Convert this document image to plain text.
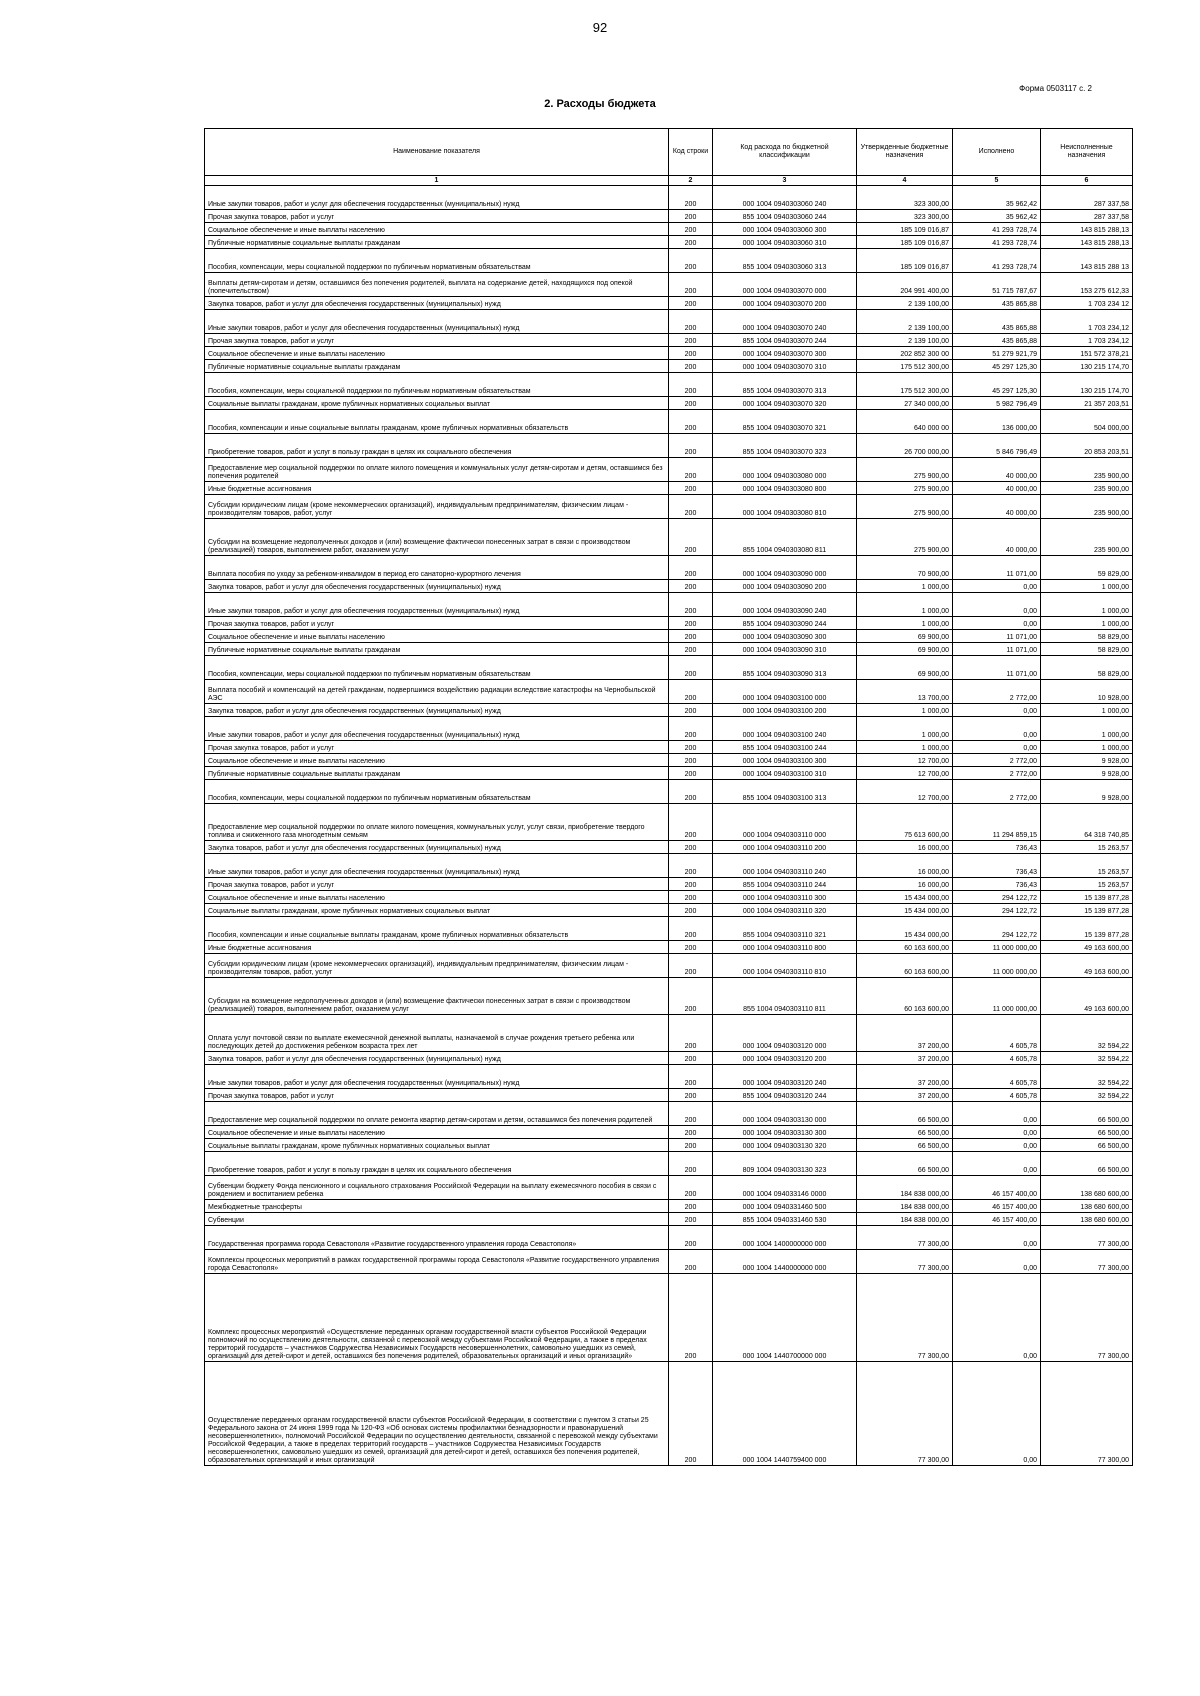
92
Форма 0503117 с. 2
2. Расходы бюджета
Наименование показателя	Код строки	Код расхода по бюджетной классификации	Утвержденные бюджетные назначения	Исполнено	Неисполненные назначения
1	2	3	4	5	6
Иные закупки товаров, работ и услуг для обеспечения государственных (муниципальных) нужд	200	000 1004 0940303060 240	323 300,00	35 962,42	287 337,58
Прочая закупка товаров, работ и услуг	200	855 1004 0940303060 244	323 300,00	35 962,42	287 337,58
Социальное обеспечение и иные выплаты населению	200	000 1004 0940303060 300	185 109 016,87	41 293 728,74	143 815 288,13
Публичные нормативные социальные выплаты гражданам	200	000 1004 0940303060 310	185 109 016,87	41 293 728,74	143 815 288,13
Пособия, компенсации, меры социальной поддержки по публичным нормативным обязательствам	200	855 1004 0940303060 313	185 109 016,87	41 293 728,74	143 815 288 13
Выплаты детям-сиротам и детям, оставшимся без попечения родителей, выплата на содержание детей, находящихся под опекой (попечительством)	200	000 1004 0940303070 000	204 991 400,00	51 715 787,67	153 275 612,33
Закупка товаров, работ и услуг для обеспечения государственных (муниципальных) нужд	200	000 1004 0940303070 200	2 139 100,00	435 865,88	1 703 234 12
Иные закупки товаров, работ и услуг для обеспечения государственных (муниципальных) нужд	200	000 1004 0940303070 240	2 139 100,00	435 865,88	1 703 234,12
Прочая закупка товаров, работ и услуг	200	855 1004 0940303070 244	2 139 100,00	435 865,88	1 703 234,12
Социальное обеспечение и иные выплаты населению	200	000 1004 0940303070 300	202 852 300 00	51 279 921,79	151 572 378,21
Публичные нормативные социальные выплаты гражданам	200	000 1004 0940303070 310	175 512 300,00	45 297 125,30	130 215 174,70
Пособия, компенсации, меры социальной поддержки по публичным нормативным обязательствам	200	855 1004 0940303070 313	175 512 300,00	45 297 125,30	130 215 174,70
Социальные выплаты гражданам, кроме публичных нормативных социальных выплат	200	000 1004 0940303070 320	27 340 000,00	5 982 796,49	21 357 203,51
Пособия, компенсации и иные социальные выплаты гражданам, кроме публичных нормативных обязательств	200	855 1004 0940303070 321	640 000 00	136 000,00	504 000,00
Приобретение товаров, работ и услуг в пользу граждан в целях их социального обеспечения	200	855 1004 0940303070 323	26 700 000,00	5 846 796,49	20 853 203,51
Предоставление мер социальной поддержки по оплате жилого помещения и коммунальных услуг детям-сиротам и детям, оставшимся без попечения родителей	200	000 1004 0940303080 000	275 900,00	40 000,00	235 900,00
Иные бюджетные ассигнования	200	000 1004 0940303080 800	275 900,00	40 000,00	235 900,00
Субсидии юридическим лицам (кроме некоммерческих организаций), индивидуальным предпринимателям, физическим лицам - производителям товаров, работ, услуг	200	000 1004 0940303080 810	275 900,00	40 000,00	235 900,00
Субсидии на возмещение недополученных доходов и (или) возмещение фактически понесенных затрат в связи с производством (реализацией) товаров, выполнением работ, оказанием услуг	200	855 1004 0940303080 811	275 900,00	40 000,00	235 900,00
Выплата пособия по уходу за ребенком-инвалидом в период его санаторно-курортного лечения	200	000 1004 0940303090 000	70 900,00	11 071,00	59 829,00
Закупка товаров, работ и услуг для обеспечения государственных (муниципальных) нужд	200	000 1004 0940303090 200	1 000,00	0,00	1 000,00
Иные закупки товаров, работ и услуг для обеспечения государственных (муниципальных) нужд	200	000 1004 0940303090 240	1 000,00	0,00	1 000,00
Прочая закупка товаров, работ и услуг	200	855 1004 0940303090 244	1 000,00	0,00	1 000,00
Социальное обеспечение и иные выплаты населению	200	000 1004 0940303090 300	69 900,00	11 071,00	58 829,00
Публичные нормативные социальные выплаты гражданам	200	000 1004 0940303090 310	69 900,00	11 071,00	58 829,00
Пособия, компенсации, меры социальной поддержки по публичным нормативным обязательствам	200	855 1004 0940303090 313	69 900,00	11 071,00	58 829,00
Выплата пособий и компенсаций на детей гражданам, подвергшимся воздействию радиации вследствие катастрофы на Чернобыльской АЭС	200	000 1004 0940303100 000	13 700,00	2 772,00	10 928,00
Закупка товаров, работ и услуг для обеспечения государственных (муниципальных) нужд	200	000 1004 0940303100 200	1 000,00	0,00	1 000,00
Иные закупки товаров, работ и услуг для обеспечения государственных (муниципальных) нужд	200	000 1004 0940303100 240	1 000,00	0,00	1 000,00
Прочая закупка товаров, работ и услуг	200	855 1004 0940303100 244	1 000,00	0,00	1 000,00
Социальное обеспечение и иные выплаты населению	200	000 1004 0940303100 300	12 700,00	2 772,00	9 928,00
Публичные нормативные социальные выплаты гражданам	200	000 1004 0940303100 310	12 700,00	2 772,00	9 928,00
Пособия, компенсации, меры социальной поддержки по публичным нормативным обязательствам	200	855 1004 0940303100 313	12 700,00	2 772,00	9 928,00
Предоставление мер социальной поддержки по оплате жилого помещения, коммунальных услуг, услуг связи, приобретение твердого топлива и сжиженного газа многодетным семьям	200	000 1004 0940303110 000	75 613 600,00	11 294 859,15	64 318 740,85
Закупка товаров, работ и услуг для обеспечения государственных (муниципальных) нужд	200	000 1004 0940303110 200	16 000,00	736,43	15 263,57
Иные закупки товаров, работ и услуг для обеспечения государственных (муниципальных) нужд	200	000 1004 0940303110 240	16 000,00	736,43	15 263,57
Прочая закупка товаров, работ и услуг	200	855 1004 0940303110 244	16 000,00	736,43	15 263,57
Социальное обеспечение и иные выплаты населению	200	000 1004 0940303110 300	15 434 000,00	294 122,72	15 139 877,28
Социальные выплаты гражданам, кроме публичных нормативных социальных выплат	200	000 1004 0940303110 320	15 434 000,00	294 122,72	15 139 877,28
Пособия, компенсации и иные социальные выплаты гражданам, кроме публичных нормативных обязательств	200	855 1004 0940303110 321	15 434 000,00	294 122,72	15 139 877,28
Иные бюджетные ассигнования	200	000 1004 0940303110 800	60 163 600,00	11 000 000,00	49 163 600,00
Субсидии юридическим лицам (кроме некоммерческих организаций), индивидуальным предпринимателям, физическим лицам - производителям товаров, работ, услуг	200	000 1004 0940303110 810	60 163 600,00	11 000 000,00	49 163 600,00
Субсидии на возмещение недополученных доходов и (или) возмещение фактически понесенных затрат в связи с производством (реализацией) товаров, выполнением работ, оказанием услуг	200	855 1004 0940303110 811	60 163 600,00	11 000 000,00	49 163 600,00
Оплата услуг почтовой связи по выплате ежемесячной денежной выплаты, назначаемой в случае рождения третьего ребенка или последующих детей до достижения ребенком возраста трех лет	200	000 1004 0940303120 000	37 200,00	4 605,78	32 594,22
Закупка товаров, работ и услуг для обеспечения государственных (муниципальных) нужд	200	000 1004 0940303120 200	37 200,00	4 605,78	32 594,22
Иные закупки товаров, работ и услуг для обеспечения государственных (муниципальных) нужд	200	000 1004 0940303120 240	37 200,00	4 605,78	32 594,22
Прочая закупка товаров, работ и услуг	200	855 1004 0940303120 244	37 200,00	4 605,78	32 594,22
Предоставление мер социальной поддержки по оплате ремонта квартир детям-сиротам и детям, оставшимся без попечения родителей	200	000 1004 0940303130 000	66 500,00	0,00	66 500,00
Социальное обеспечение и иные выплаты населению	200	000 1004 0940303130 300	66 500,00	0,00	66 500,00
Социальные выплаты гражданам, кроме публичных нормативных социальных выплат	200	000 1004 0940303130 320	66 500,00	0,00	66 500,00
Приобретение товаров, работ и услуг в пользу граждан в целях их социального обеспечения	200	809 1004 0940303130 323	66 500,00	0,00	66 500,00
Субвенции бюджету Фонда пенсионного и социального страхования Российской Федерации на выплату ежемесячного пособия в связи с рождением и воспитанием ребенка	200	000 1004 094033146 0000	184 838 000,00	46 157 400,00	138 680 600,00
Межбюджетные трансферты	200	000 1004 0940331460 500	184 838 000,00	46 157 400,00	138 680 600,00
Субвенции	200	855 1004 0940331460 530	184 838 000,00	46 157 400,00	138 680 600,00
Государственная программа города Севастополя «Развитие государственного управления города Севастополя»	200	000 1004 1400000000 000	77 300,00	0,00	77 300,00
Комплексы процессных мероприятий в рамках государственной программы города Севастополя «Развитие государственного управления города Севастополя»	200	000 1004 1440000000 000	77 300,00	0,00	77 300,00
Комплекс процессных мероприятий «Осуществление переданных органам государственной власти субъектов Российской Федерации полномочий по осуществлению деятельности, связанной с перевозкой между субъектами Российской Федерации, а также в пределах территорий государств – участников Содружества Независимых Государств несовершеннолетних, самовольно ушедших из семей, организаций для детей-сирот и детей, оставшихся без попечения родителей, образовательных организаций и иных организаций»	200	000 1004 1440700000 000	77 300,00	0,00	77 300,00
Осуществление переданных органам государственной власти субъектов Российской Федерации, в соответствии с пунктом 3 статьи 25 Федерального закона от 24 июня 1999 года № 120-ФЗ «Об основах системы профилактики безнадзорности и правонарушений несовершеннолетних», полномочий Российской Федерации по осуществлению деятельности, связанной с перевозкой между субъектами Российской Федерации, а также в пределах территорий государств – участников Содружества Независимых Государств несовершеннолетних, самовольно ушедших из семей, организаций для детей-сирот и детей, оставшихся без попечения родителей, образовательных организаций и иных организаций	200	000 1004 1440759400 000	77 300,00	0,00	77 300,00
